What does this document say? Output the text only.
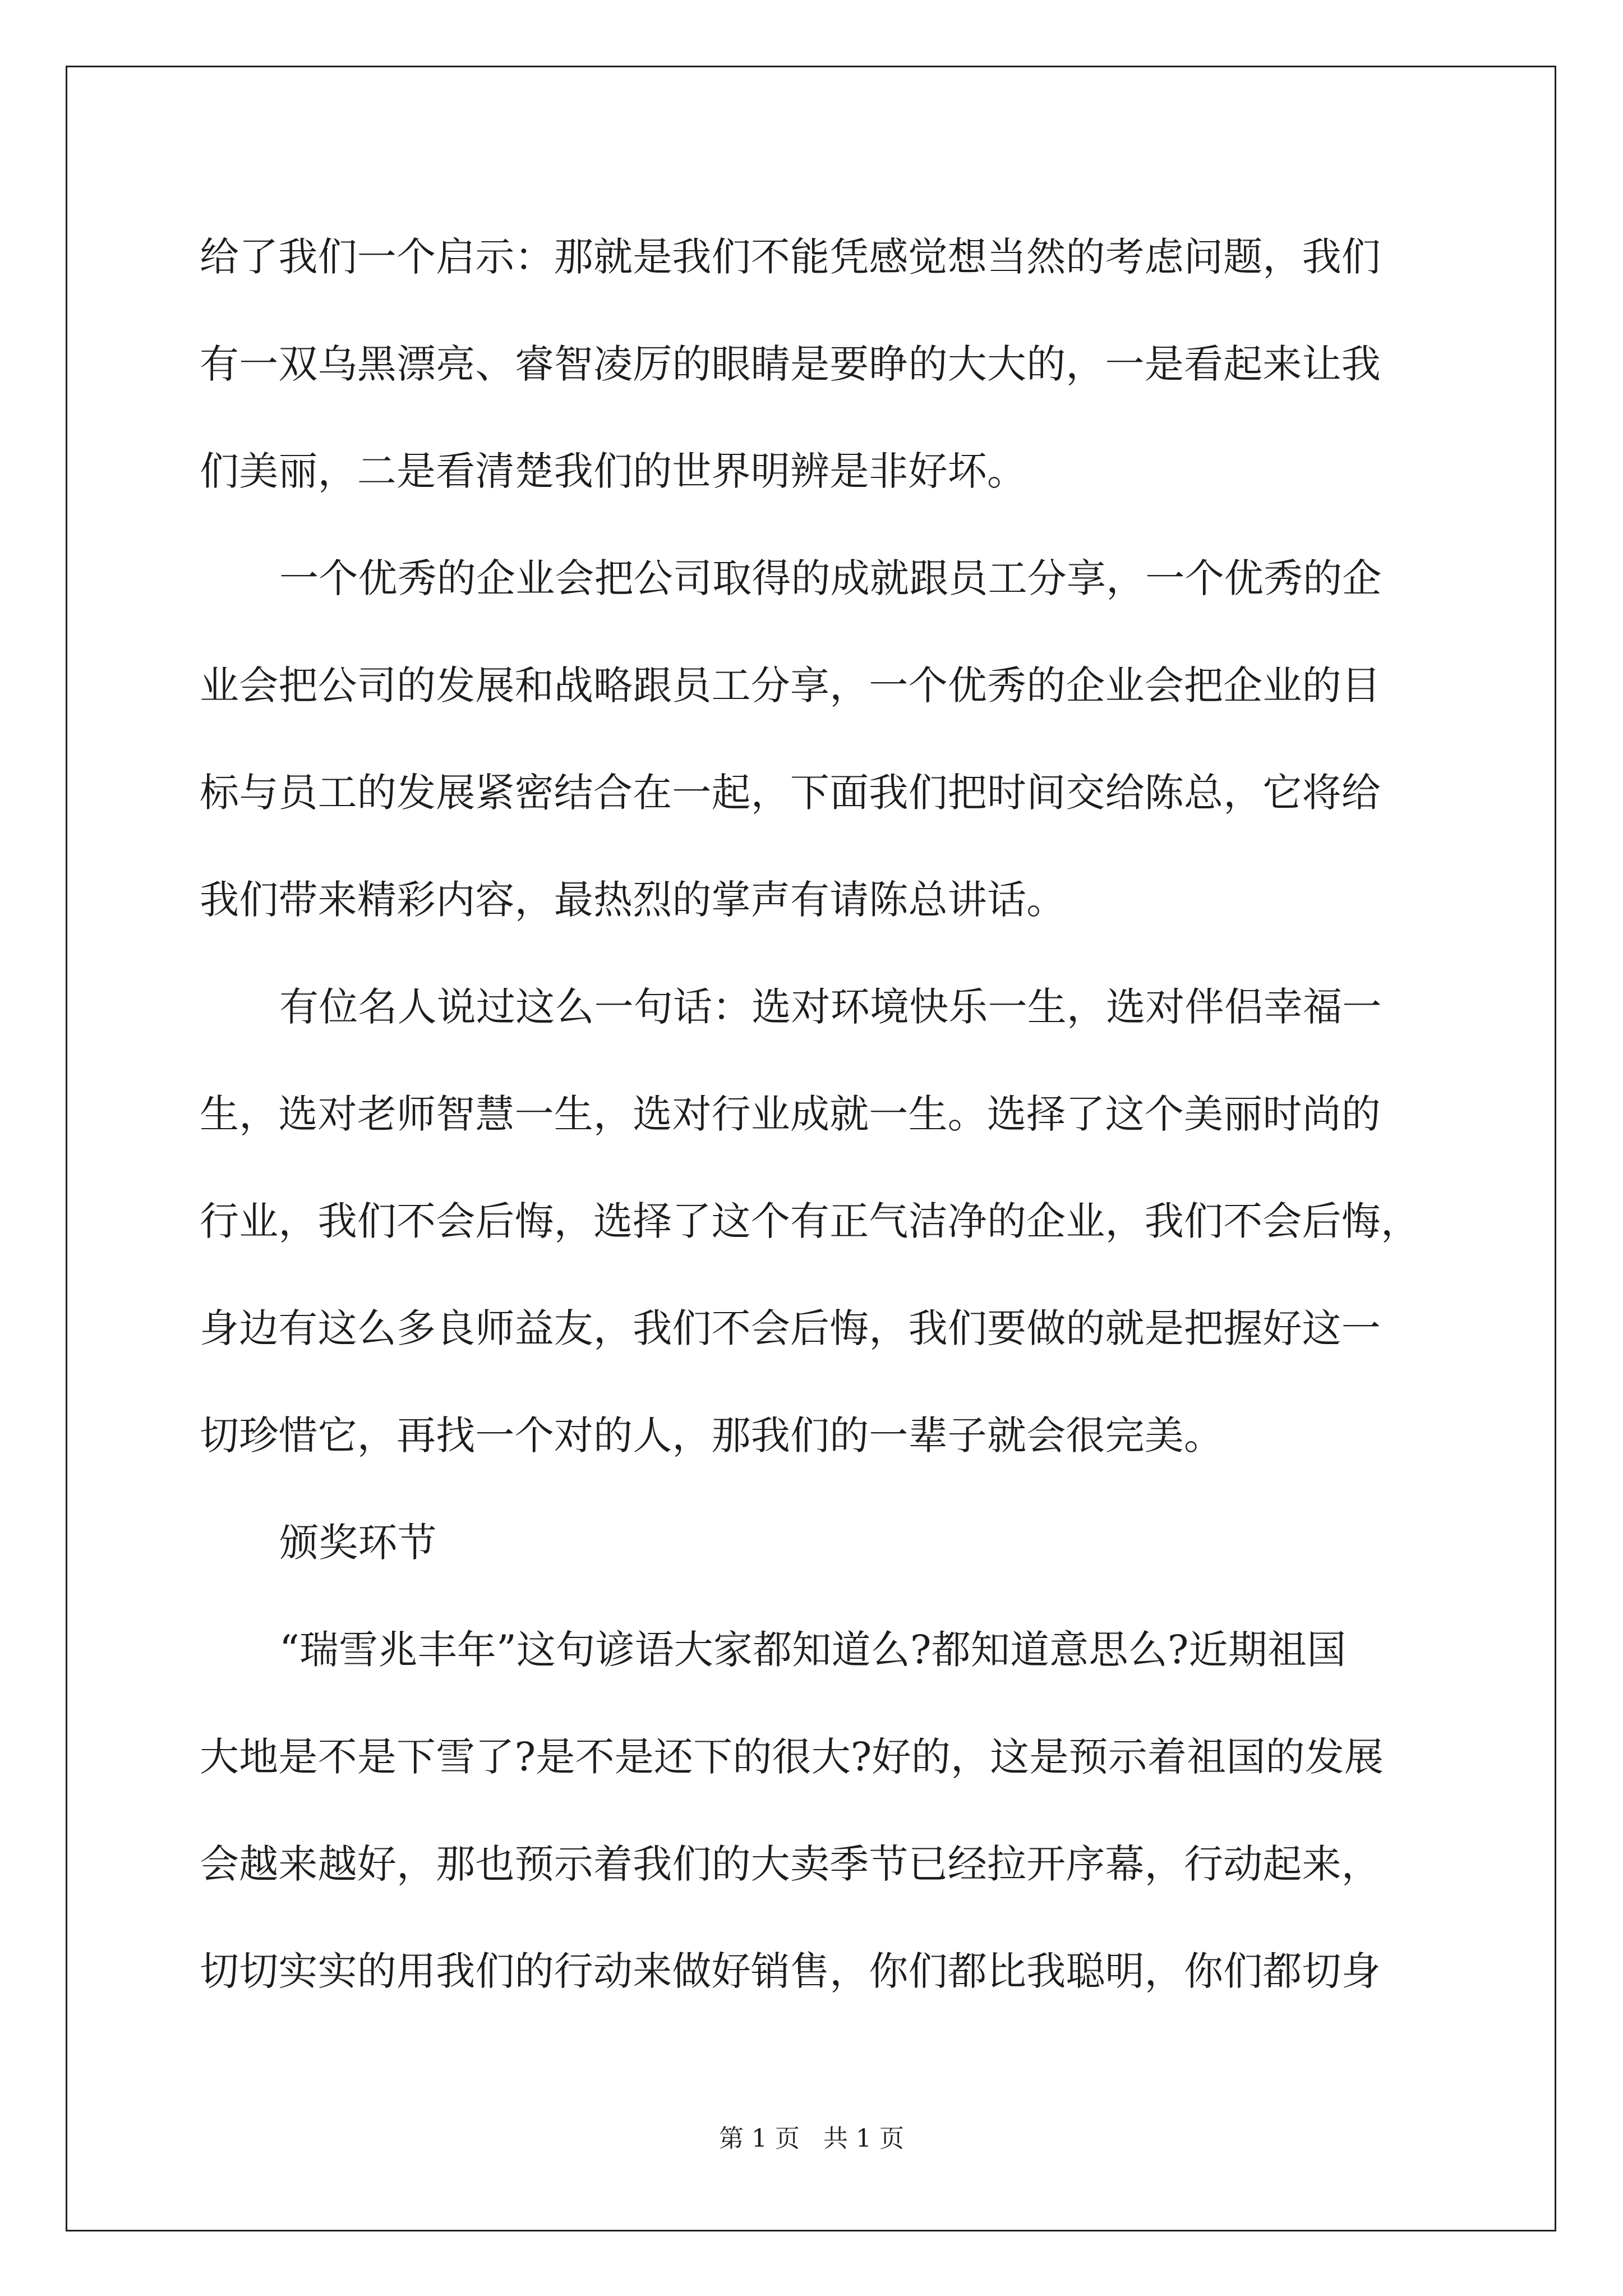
给了我们一个启示：那就是我们不能凭感觉想当然的考虑问题，我们
有一双乌黑漂亮、睿智凌厉的眼睛是要睁的大大的，一是看起来让我
们美丽，二是看清楚我们的世界明辨是非好坏。
一个优秀的企业会把公司取得的成就跟员工分享，一个优秀的企
业会把公司的发展和战略跟员工分享，一个优秀的企业会把企业的目
标与员工的发展紧密结合在一起，下面我们把时间交给陈总，它将给
我们带来精彩内容，最热烈的掌声有请陈总讲话。
有位名人说过这么一句话：选对环境快乐一生，选对伴侣幸福一
生，选对老师智慧一生，选对行业成就一生。选择了这个美丽时尚的
行业，我们不会后悔，选择了这个有正气洁净的企业，我们不会后悔，
身边有这么多良师益友，我们不会后悔，我们要做的就是把握好这一
切珍惜它，再找一个对的人，那我们的一辈子就会很完美。
颁奖环节
“瑞雪兆丰年”这句谚语大家都知道么?都知道意思么?近期祖国
大地是不是下雪了?是不是还下的很大?好的，这是预示着祖国的发展
会越来越好，那也预示着我们的大卖季节已经拉开序幕，行动起来，
切切实实的用我们的行动来做好销售，你们都比我聪明，你们都切身
第 1 页   共 1 页
